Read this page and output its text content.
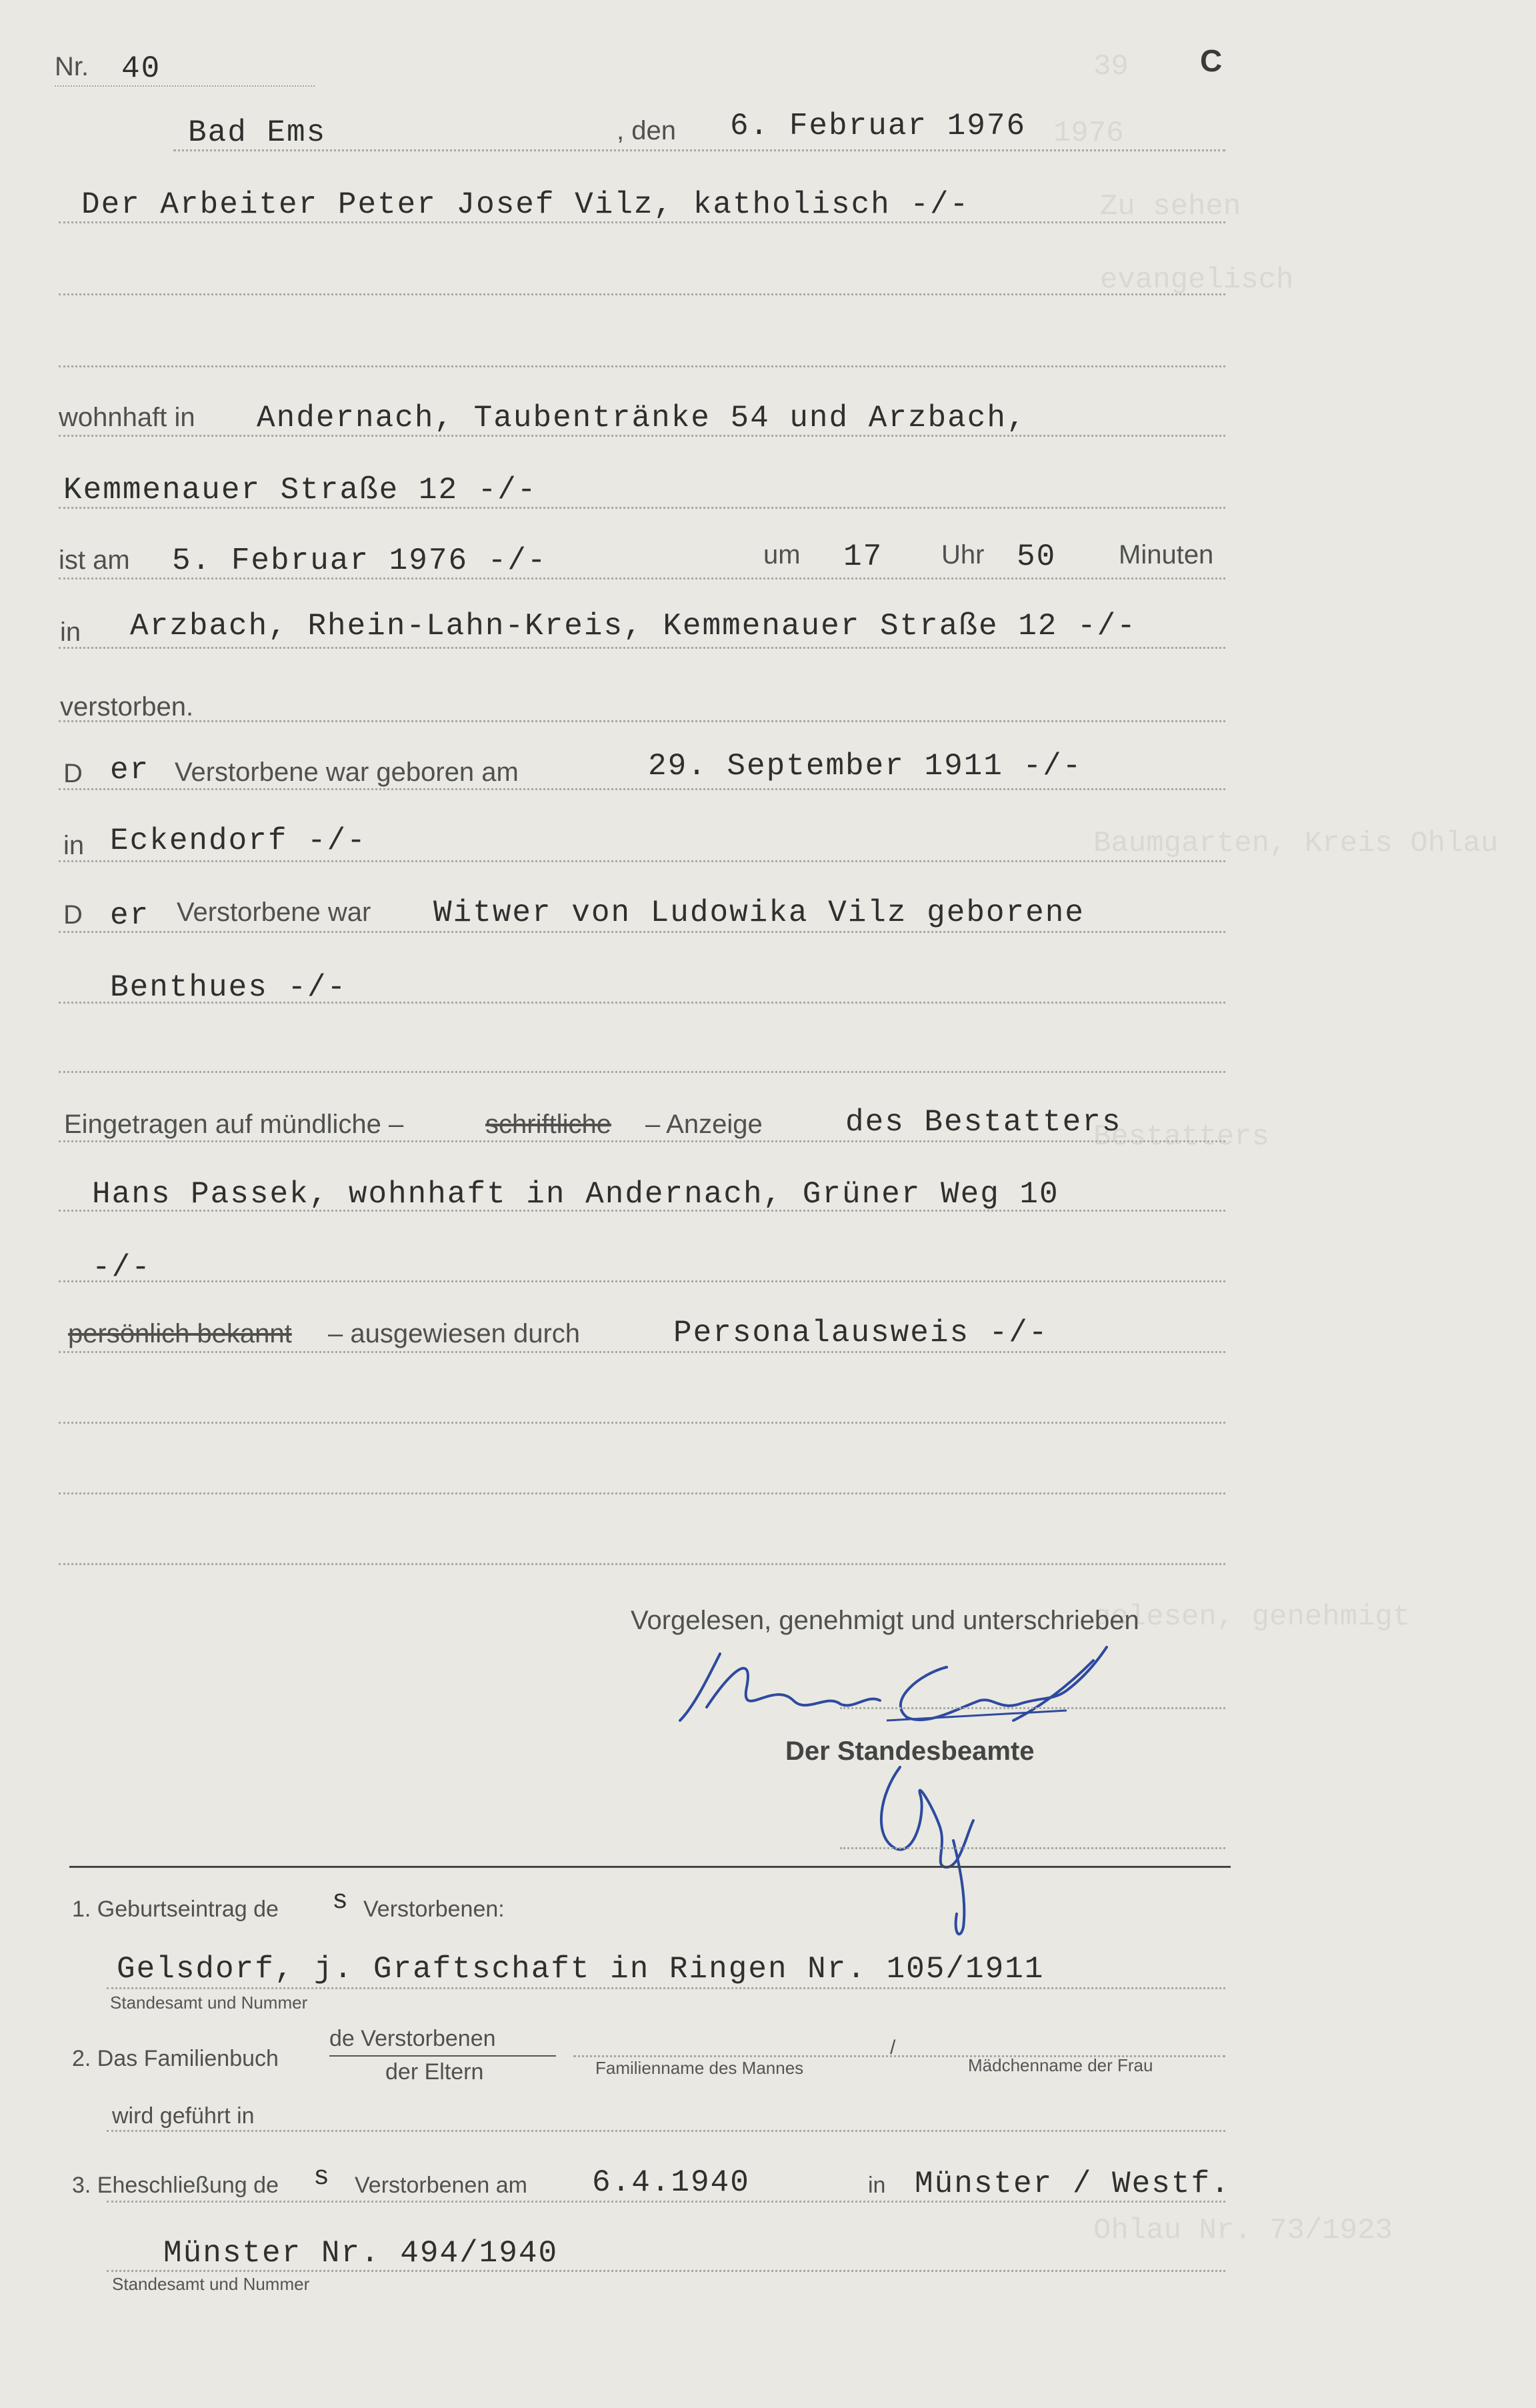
39
1976
Zu sehen
evangelisch
Baumgarten, Kreis Ohlau
Bestatters
gelesen, genehmigt
Ohlau Nr. 73/1923
Nr. 40	C
Bad Ems	, den 6. Februar 1976
Der Arbeiter Peter Josef Vilz, katholisch -/-
wohnhaft in Andernach, Taubentränke 54 und Arzbach,
Kemmenauer Straße 12 -/-
ist am 5. Februar 1976 -/-	um 17 Uhr 50 Minuten
in Arzbach, Rhein-Lahn-Kreis, Kemmenauer Straße 12 -/-
verstorben.
D er Verstorbene war geboren am	29. September 1911 -/-
in Eckendorf -/-
D er Verstorbene war Witwer von Ludowika Vilz geborene
Benthues -/-
Eingetragen auf mündliche –	schriftliche – Anzeige	des Bestatters
Hans Passek, wohnhaft in Andernach, Grüner Weg 10
-/-
persönlich bekannt – ausgewiesen durch	Personalausweis -/-
Vorgelesen, genehmigt und unterschrieben
Der Standesbeamte
1. Geburtseintrag de s Verstorbenen:
Gelsdorf, j. Graftschaft in Ringen Nr. 105/1911
Standesamt und Nummer
2. Das Familienbuch
de Verstorbenen
der Eltern	Familienname des Mannes
/
Mädchenname der Frau
wird geführt in
3. Eheschließung de s Verstorbenen am 6.4.1940	in Münster / Westf.
Münster Nr. 494/1940
Standesamt und Nummer
